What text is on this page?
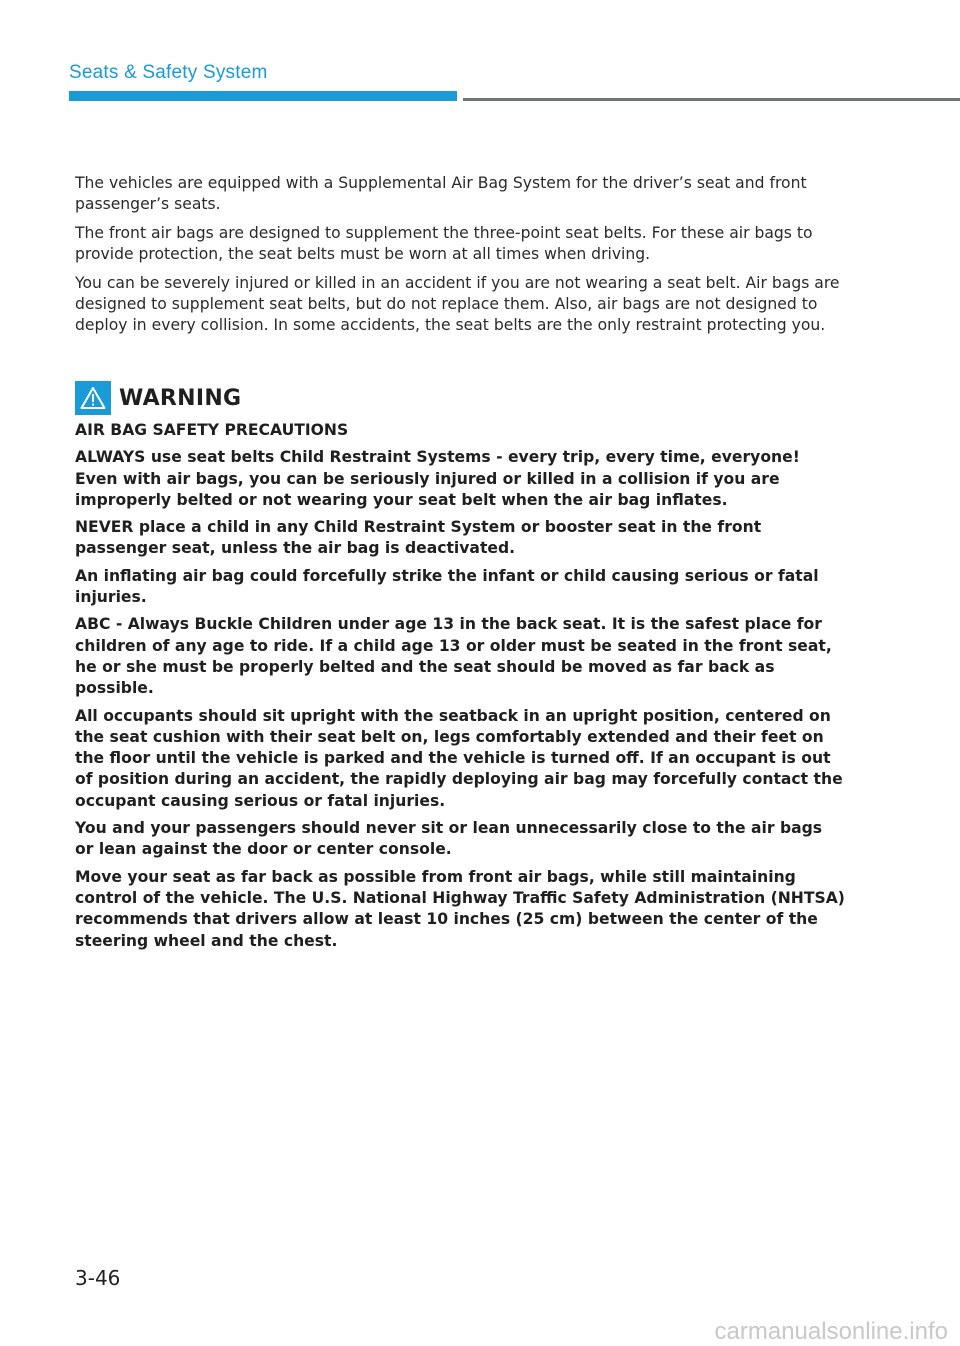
Seats & Safety System

The vehicles are equipped with a Supplemental Air Bag System for the driver’s seat and front passenger’s seats.

The front air bags are designed to supplement the three-point seat belts. For these air bags to provide protection, the seat belts must be worn at all times when driving.

You can be severely injured or killed in an accident if you are not wearing a seat belt. Air bags are designed to supplement seat belts, but do not replace them. Also, air bags are not designed to deploy in every collision. In some accidents, the seat belts are the only restraint protecting you.

WARNING

AIR BAG SAFETY PRECAUTIONS

ALWAYS use seat belts Child Restraint Systems - every trip, every time, everyone! Even with air bags, you can be seriously injured or killed in a collision if you are improperly belted or not wearing your seat belt when the air bag inflates.

NEVER place a child in any Child Restraint System or booster seat in the front passenger seat, unless the air bag is deactivated.

An inflating air bag could forcefully strike the infant or child causing serious or fatal injuries.

ABC - Always Buckle Children under age 13 in the back seat. It is the safest place for children of any age to ride. If a child age 13 or older must be seated in the front seat, he or she must be properly belted and the seat should be moved as far back as possible.

All occupants should sit upright with the seatback in an upright position, centered on the seat cushion with their seat belt on, legs comfortably extended and their feet on the floor until the vehicle is parked and the vehicle is turned off. If an occupant is out of position during an accident, the rapidly deploying air bag may forcefully contact the occupant causing serious or fatal injuries.

You and your passengers should never sit or lean unnecessarily close to the air bags or lean against the door or center console.

Move your seat as far back as possible from front air bags, while still maintaining control of the vehicle. The U.S. National Highway Traffic Safety Administration (NHTSA) recommends that drivers allow at least 10 inches (25 cm) between the center of the steering wheel and the chest.

3-46
carmanualsonline.info
